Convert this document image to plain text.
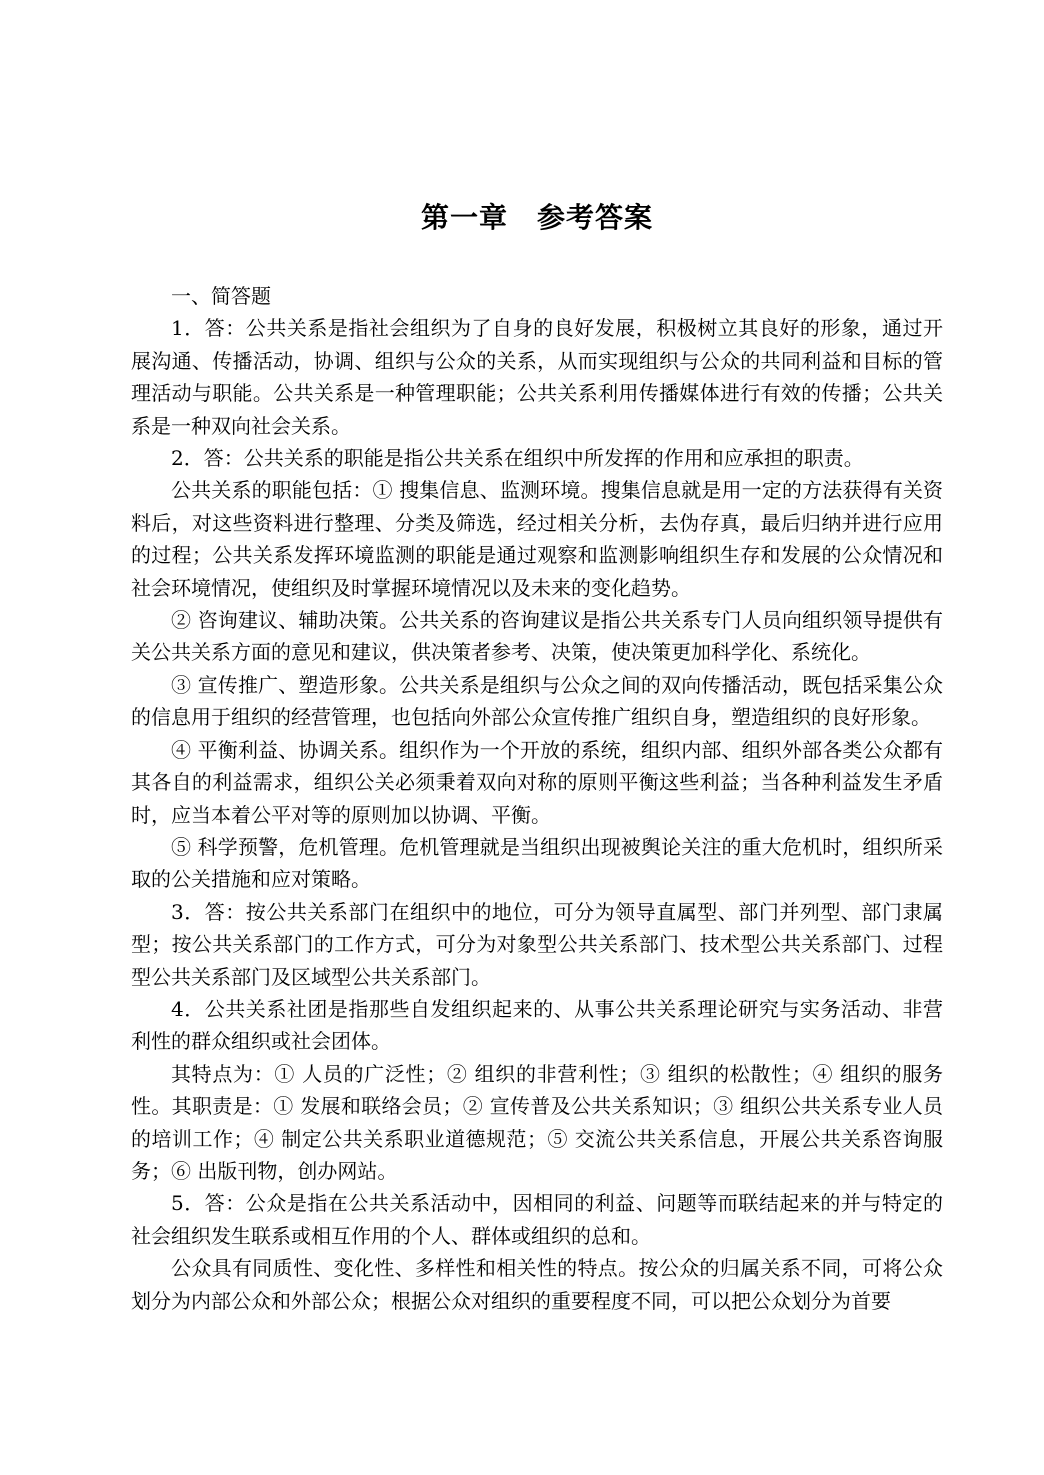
第一章　参考答案

一、简答题

1．答：公共关系是指社会组织为了自身的良好发展，积极树立其良好的形象，通过开展沟通、传播活动，协调、组织与公众的关系，从而实现组织与公众的共同利益和目标的管理活动与职能。公共关系是一种管理职能；公共关系利用传播媒体进行有效的传播；公共关系是一种双向社会关系。

2．答：公共关系的职能是指公共关系在组织中所发挥的作用和应承担的职责。

公共关系的职能包括：① 搜集信息、监测环境。搜集信息就是用一定的方法获得有关资料后，对这些资料进行整理、分类及筛选，经过相关分析，去伪存真，最后归纳并进行应用的过程；公共关系发挥环境监测的职能是通过观察和监测影响组织生存和发展的公众情况和社会环境情况，使组织及时掌握环境情况以及未来的变化趋势。

② 咨询建议、辅助决策。公共关系的咨询建议是指公共关系专门人员向组织领导提供有关公共关系方面的意见和建议，供决策者参考、决策，使决策更加科学化、系统化。

③ 宣传推广、塑造形象。公共关系是组织与公众之间的双向传播活动，既包括采集公众的信息用于组织的经营管理，也包括向外部公众宣传推广组织自身，塑造组织的良好形象。

④ 平衡利益、协调关系。组织作为一个开放的系统，组织内部、组织外部各类公众都有其各自的利益需求，组织公关必须秉着双向对称的原则平衡这些利益；当各种利益发生矛盾时，应当本着公平对等的原则加以协调、平衡。

⑤ 科学预警，危机管理。危机管理就是当组织出现被舆论关注的重大危机时，组织所采取的公关措施和应对策略。

3．答：按公共关系部门在组织中的地位，可分为领导直属型、部门并列型、部门隶属型；按公共关系部门的工作方式，可分为对象型公共关系部门、技术型公共关系部门、过程型公共关系部门及区域型公共关系部门。

4．公共关系社团是指那些自发组织起来的、从事公共关系理论研究与实务活动、非营利性的群众组织或社会团体。

其特点为：① 人员的广泛性；② 组织的非营利性；③ 组织的松散性；④ 组织的服务性。其职责是：① 发展和联络会员；② 宣传普及公共关系知识；③ 组织公共关系专业人员的培训工作；④ 制定公共关系职业道德规范；⑤ 交流公共关系信息，开展公共关系咨询服务；⑥ 出版刊物，创办网站。

5．答：公众是指在公共关系活动中，因相同的利益、问题等而联结起来的并与特定的社会组织发生联系或相互作用的个人、群体或组织的总和。

公众具有同质性、变化性、多样性和相关性的特点。按公众的归属关系不同，可将公众划分为内部公众和外部公众；根据公众对组织的重要程度不同，可以把公众划分为首要
